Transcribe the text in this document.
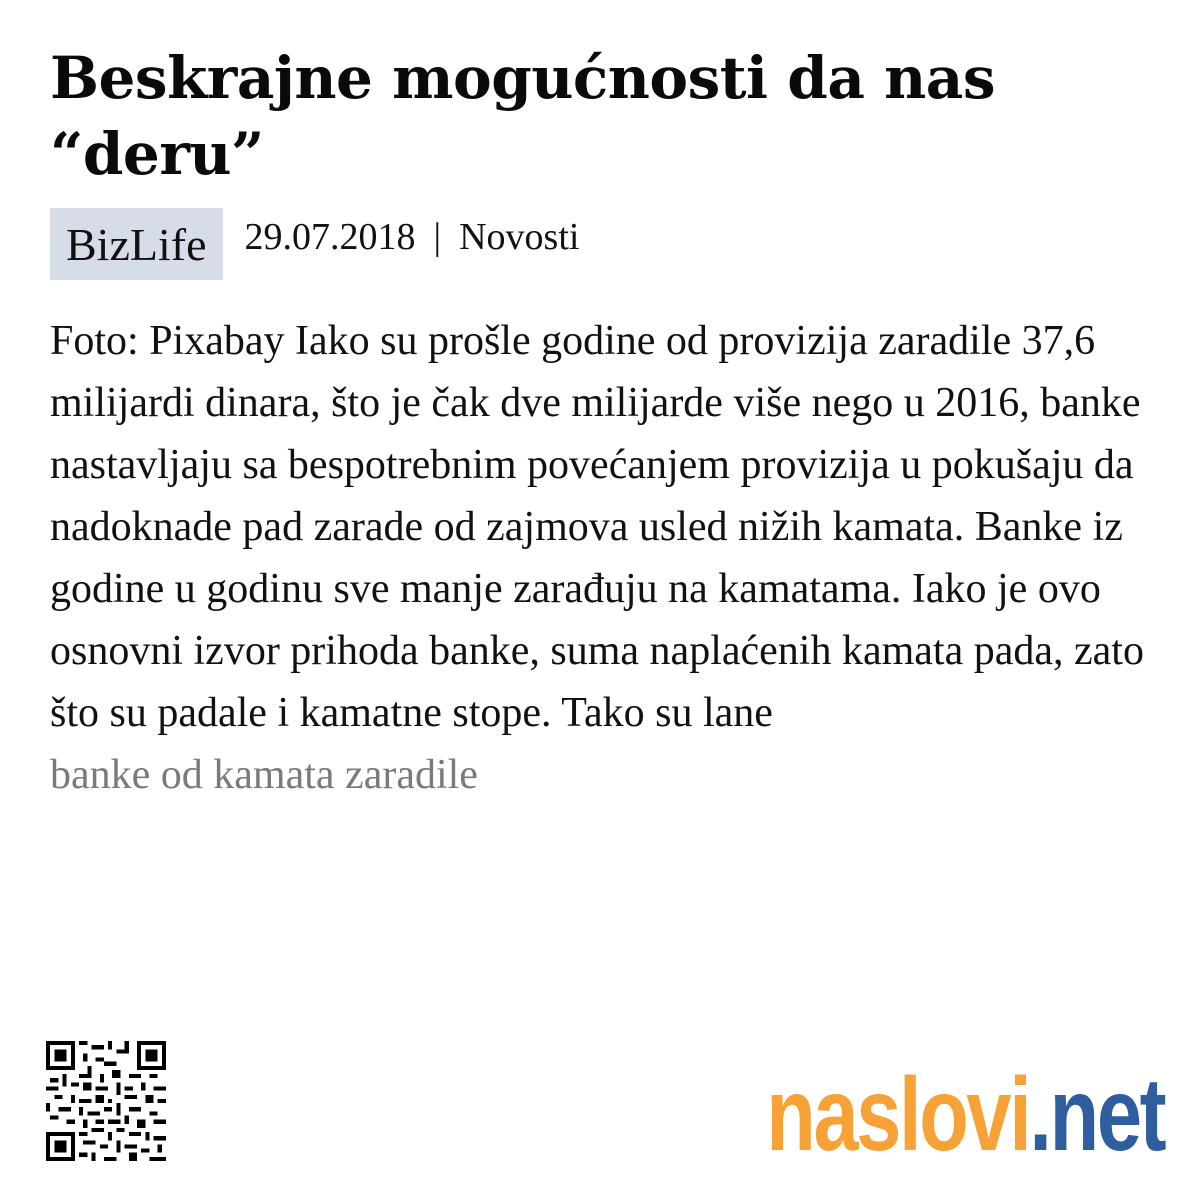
Beskrajne mogućnosti da nas “deru”
BizLife	29.07.2018 | Novosti

Foto: Pixabay Iako su prošle godine od provizija zaradile 37,6 milijardi dinara, što je čak dve milijarde više nego u 2016, banke nastavljaju sa bespotrebnim povećanjem provizija u pokušaju da nadoknade pad zarade od zajmova usled nižih kamata. Banke iz godine u godinu sve manje zarađuju na kamatama. Iako je ovo osnovni izvor prihoda banke, suma naplaćenih kamata pada, zato što su padale i kamatne stope. Tako su lane

banke od kamata zaradile

naslovi.net
